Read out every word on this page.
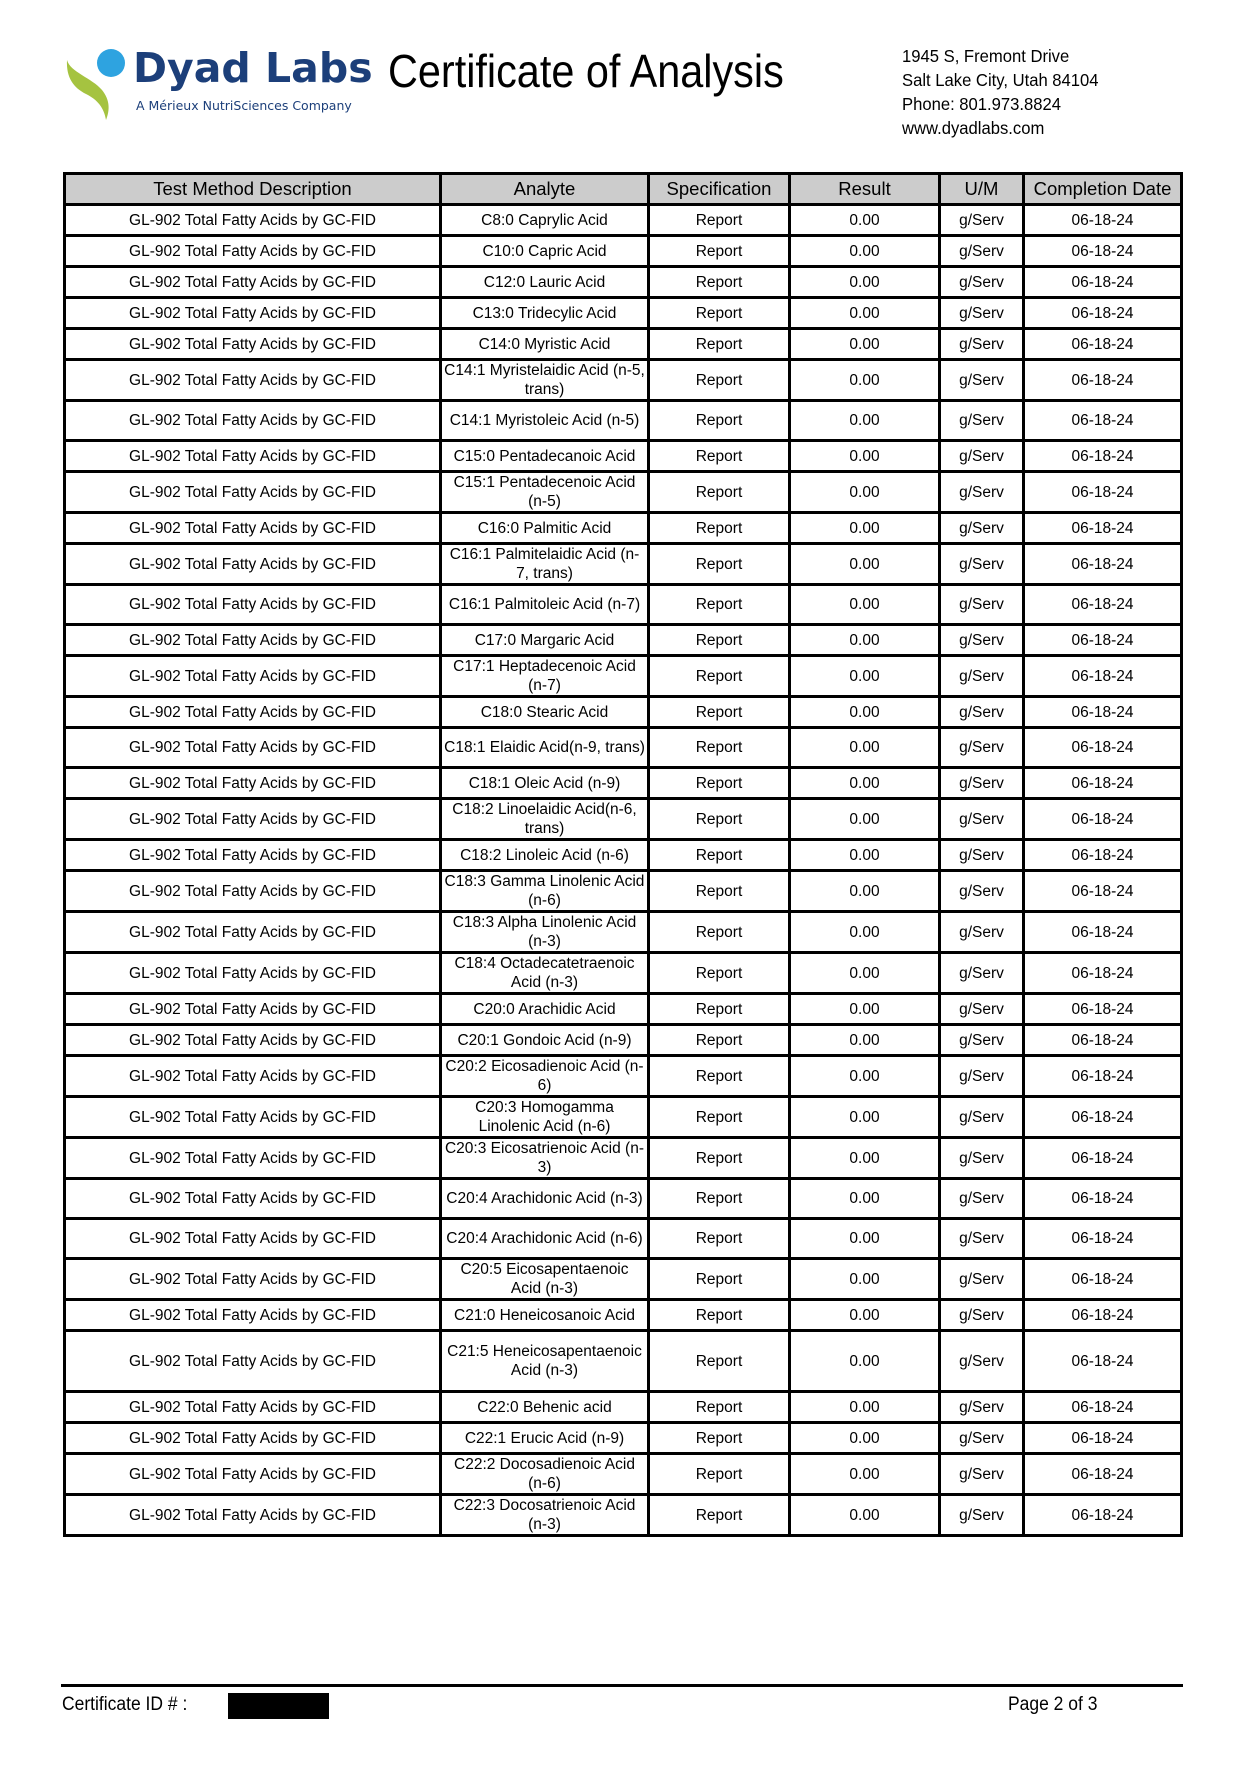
Dyad Labs
A Mérieux NutriSciences Company
Certificate of Analysis	1945 S, Fremont Drive
Salt Lake City, Utah 84104
Phone: 801.973.8824
www.dyadlabs.com
Test Method Description	Analyte	Specification	Result	U/M	Completion Date
GL-902 Total Fatty Acids by GC-FID	C8:0 Caprylic Acid	Report	0.00	g/Serv	06-18-24
GL-902 Total Fatty Acids by GC-FID	C10:0 Capric Acid	Report	0.00	g/Serv	06-18-24
GL-902 Total Fatty Acids by GC-FID	C12:0 Lauric Acid	Report	0.00	g/Serv	06-18-24
GL-902 Total Fatty Acids by GC-FID	C13:0 Tridecylic Acid	Report	0.00	g/Serv	06-18-24
GL-902 Total Fatty Acids by GC-FID	C14:0 Myristic Acid	Report	0.00	g/Serv	06-18-24
GL-902 Total Fatty Acids by GC-FID	C14:1 Myristelaidic Acid (n-5, trans)	Report	0.00	g/Serv	06-18-24
GL-902 Total Fatty Acids by GC-FID	C14:1 Myristoleic Acid (n-5)	Report	0.00	g/Serv	06-18-24
GL-902 Total Fatty Acids by GC-FID	C15:0 Pentadecanoic Acid	Report	0.00	g/Serv	06-18-24
GL-902 Total Fatty Acids by GC-FID	C15:1 Pentadecenoic Acid (n-5)	Report	0.00	g/Serv	06-18-24
GL-902 Total Fatty Acids by GC-FID	C16:0 Palmitic Acid	Report	0.00	g/Serv	06-18-24
GL-902 Total Fatty Acids by GC-FID	C16:1 Palmitelaidic Acid (n-7, trans)	Report	0.00	g/Serv	06-18-24
GL-902 Total Fatty Acids by GC-FID	C16:1 Palmitoleic Acid (n-7)	Report	0.00	g/Serv	06-18-24
GL-902 Total Fatty Acids by GC-FID	C17:0 Margaric Acid	Report	0.00	g/Serv	06-18-24
GL-902 Total Fatty Acids by GC-FID	C17:1 Heptadecenoic Acid (n-7)	Report	0.00	g/Serv	06-18-24
GL-902 Total Fatty Acids by GC-FID	C18:0 Stearic Acid	Report	0.00	g/Serv	06-18-24
GL-902 Total Fatty Acids by GC-FID	C18:1 Elaidic Acid(n-9, trans)	Report	0.00	g/Serv	06-18-24
GL-902 Total Fatty Acids by GC-FID	C18:1 Oleic Acid (n-9)	Report	0.00	g/Serv	06-18-24
GL-902 Total Fatty Acids by GC-FID	C18:2 Linoelaidic Acid(n-6, trans)	Report	0.00	g/Serv	06-18-24
GL-902 Total Fatty Acids by GC-FID	C18:2 Linoleic Acid (n-6)	Report	0.00	g/Serv	06-18-24
GL-902 Total Fatty Acids by GC-FID	C18:3 Gamma Linolenic Acid (n-6)	Report	0.00	g/Serv	06-18-24
GL-902 Total Fatty Acids by GC-FID	C18:3 Alpha Linolenic Acid (n-3)	Report	0.00	g/Serv	06-18-24
GL-902 Total Fatty Acids by GC-FID	C18:4 Octadecatetraenoic Acid (n-3)	Report	0.00	g/Serv	06-18-24
GL-902 Total Fatty Acids by GC-FID	C20:0 Arachidic Acid	Report	0.00	g/Serv	06-18-24
GL-902 Total Fatty Acids by GC-FID	C20:1 Gondoic Acid (n-9)	Report	0.00	g/Serv	06-18-24
GL-902 Total Fatty Acids by GC-FID	C20:2 Eicosadienoic Acid (n-6)	Report	0.00	g/Serv	06-18-24
GL-902 Total Fatty Acids by GC-FID	C20:3 Homogamma Linolenic Acid (n-6)	Report	0.00	g/Serv	06-18-24
GL-902 Total Fatty Acids by GC-FID	C20:3 Eicosatrienoic Acid (n-3)	Report	0.00	g/Serv	06-18-24
GL-902 Total Fatty Acids by GC-FID	C20:4 Arachidonic Acid (n-3)	Report	0.00	g/Serv	06-18-24
GL-902 Total Fatty Acids by GC-FID	C20:4 Arachidonic Acid (n-6)	Report	0.00	g/Serv	06-18-24
GL-902 Total Fatty Acids by GC-FID	C20:5 Eicosapentaenoic Acid (n-3)	Report	0.00	g/Serv	06-18-24
GL-902 Total Fatty Acids by GC-FID	C21:0 Heneicosanoic Acid	Report	0.00	g/Serv	06-18-24
GL-902 Total Fatty Acids by GC-FID	C21:5 Heneicosapentaenoic Acid (n-3)	Report	0.00	g/Serv	06-18-24
GL-902 Total Fatty Acids by GC-FID	C22:0 Behenic acid	Report	0.00	g/Serv	06-18-24
GL-902 Total Fatty Acids by GC-FID	C22:1 Erucic Acid (n-9)	Report	0.00	g/Serv	06-18-24
GL-902 Total Fatty Acids by GC-FID	C22:2 Docosadienoic Acid (n-6)	Report	0.00	g/Serv	06-18-24
GL-902 Total Fatty Acids by GC-FID	C22:3 Docosatrienoic Acid (n-3)	Report	0.00	g/Serv	06-18-24
Certificate ID # :	Page 2 of 3
